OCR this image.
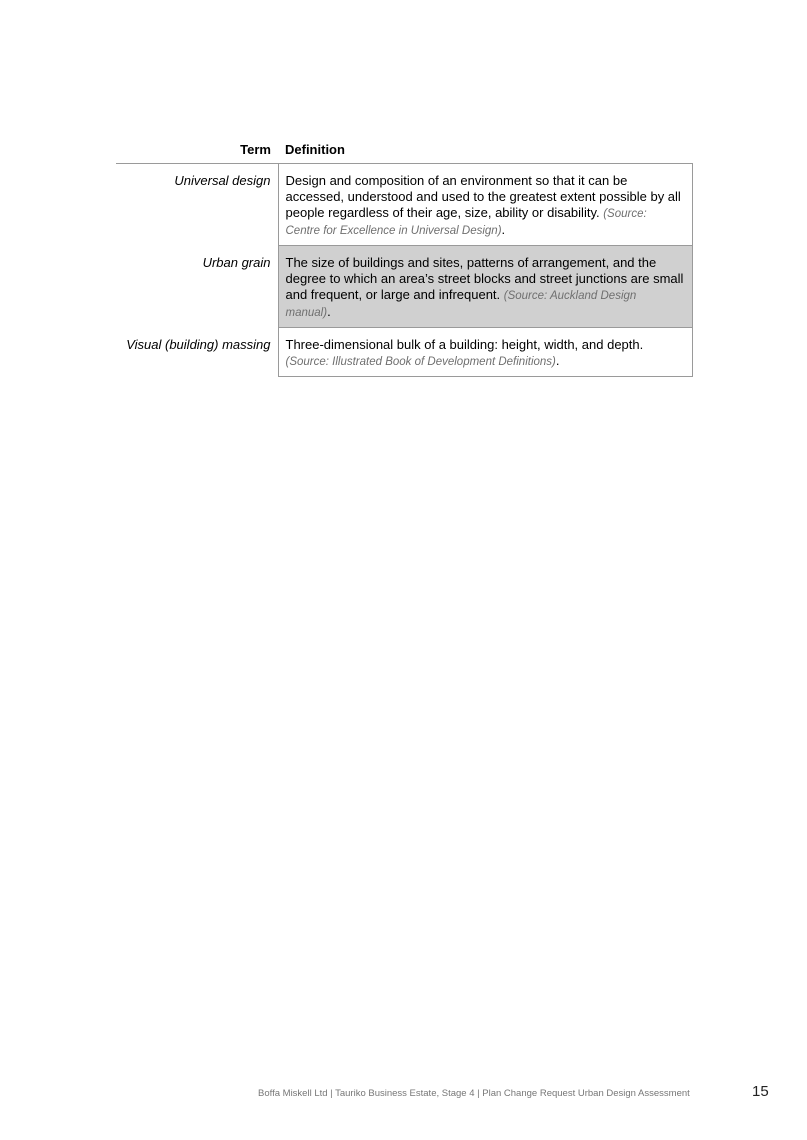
Term	Definition
Universal design	Design and composition of an environment so that it can be accessed, understood and used to the greatest extent possible by all people regardless of their age, size, ability or disability. (Source: Centre for Excellence in Universal Design).
Urban grain	The size of buildings and sites, patterns of arrangement, and the degree to which an area’s street blocks and street junctions are small and frequent, or large and infrequent. (Source: Auckland Design manual).
Visual (building) massing	Three-dimensional bulk of a building: height, width, and depth. (Source: Illustrated Book of Development Definitions).
Boffa Miskell Ltd | Tauriko Business Estate, Stage 4 | Plan Change Request Urban Design Assessment	15
